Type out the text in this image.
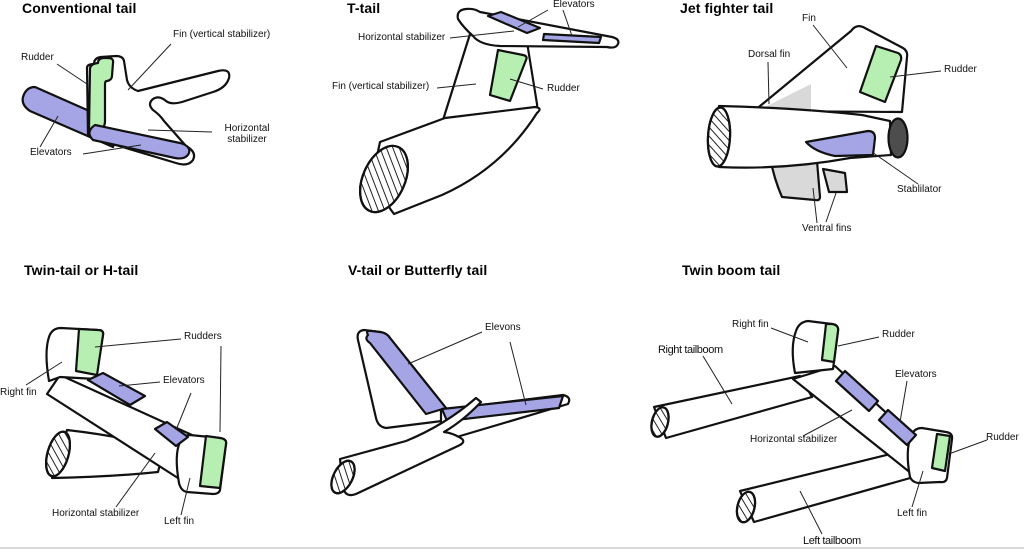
Conventional tail
Fin (vertical stabilizer)
Rudder
Horizontal stabilizer
Elevators
T-tail	Elevators
Horizontal stabilizer
Fin (vertical stabilizer)	Rudder
Jet fighter tail
Fin
Dorsal fin
Rudder
Stablilator
Ventral fins
Twin-tail or H-tail
Rudders
Elevators
Right fin
Horizontal stabilizer
Left fin
V-tail or Butterfly tail
Elevons
Twin boom tail
Right fin
Rudder
Right tailboom
Elevators
Horizontal stabilizer	Rudder
Left fin
Left tailboom
